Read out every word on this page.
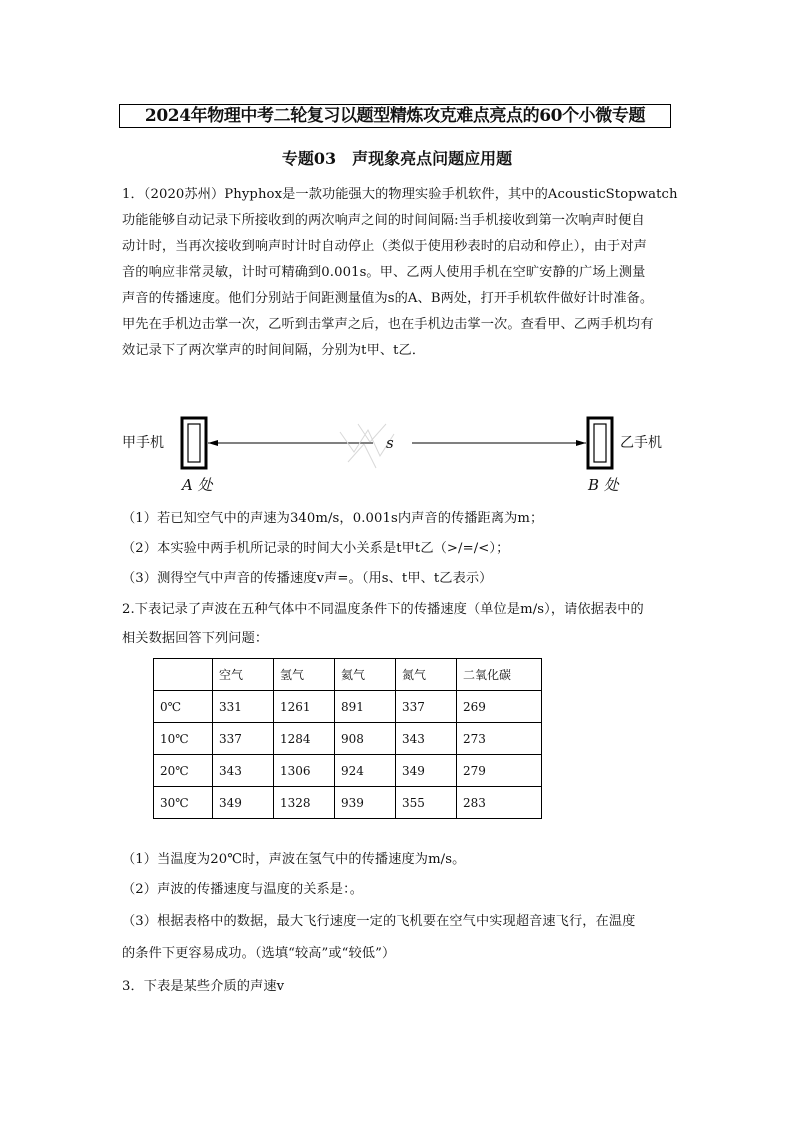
2024年物理中考二轮复习以题型精炼攻克难点亮点的60个小微专题
专题03　声现象亮点问题应用题
1．（2020苏州）Phyphox是一款功能强大的物理实验手机软件，其中的AcousticStopwatch
功能能够自动记录下所接收到的两次响声之间的时间间隔:当手机接收到第一次响声时便自
动计时，当再次接收到响声时计时自动停止（类似于使用秒表时的启动和停止），由于对声
音的响应非常灵敏，计时可精确到0.001s。甲、乙两人使用手机在空旷安静的广场上测量
声音的传播速度。他们分别站于间距测量值为s的A、B两处，打开手机软件做好计时准备。
甲先在手机边击掌一次，乙听到击掌声之后，也在手机边击掌一次。查看甲、乙两手机均有
效记录下了两次掌声的时间间隔，分别为t甲、t乙．
甲手机	乙手机
s
A 处	B 处
（1）若已知空气中的声速为340m/s，0.001s内声音的传播距离为m；
（2）本实验中两手机所记录的时间大小关系是t甲t乙（>/=/<）；
（3）测得空气中声音的传播速度v声=。（用s、t甲、t乙表示）
2.下表记录了声波在五种气体中不同温度条件下的传播速度（单位是m/s），请依据表中的
相关数据回答下列问题：
	空气	氢气	氦气	氮气	二氧化碳
0℃	331	1261	891	337	269
10℃	337	1284	908	343	273
20℃	343	1306	924	349	279
30℃	349	1328	939	355	283
（1）当温度为20℃时，声波在氢气中的传播速度为m/s。
（2）声波的传播速度与温度的关系是：。
（3）根据表格中的数据，最大飞行速度一定的飞机要在空气中实现超音速飞行，在温度
的条件下更容易成功。（选填“较高”或“较低”）
3．下表是某些介质的声速v
